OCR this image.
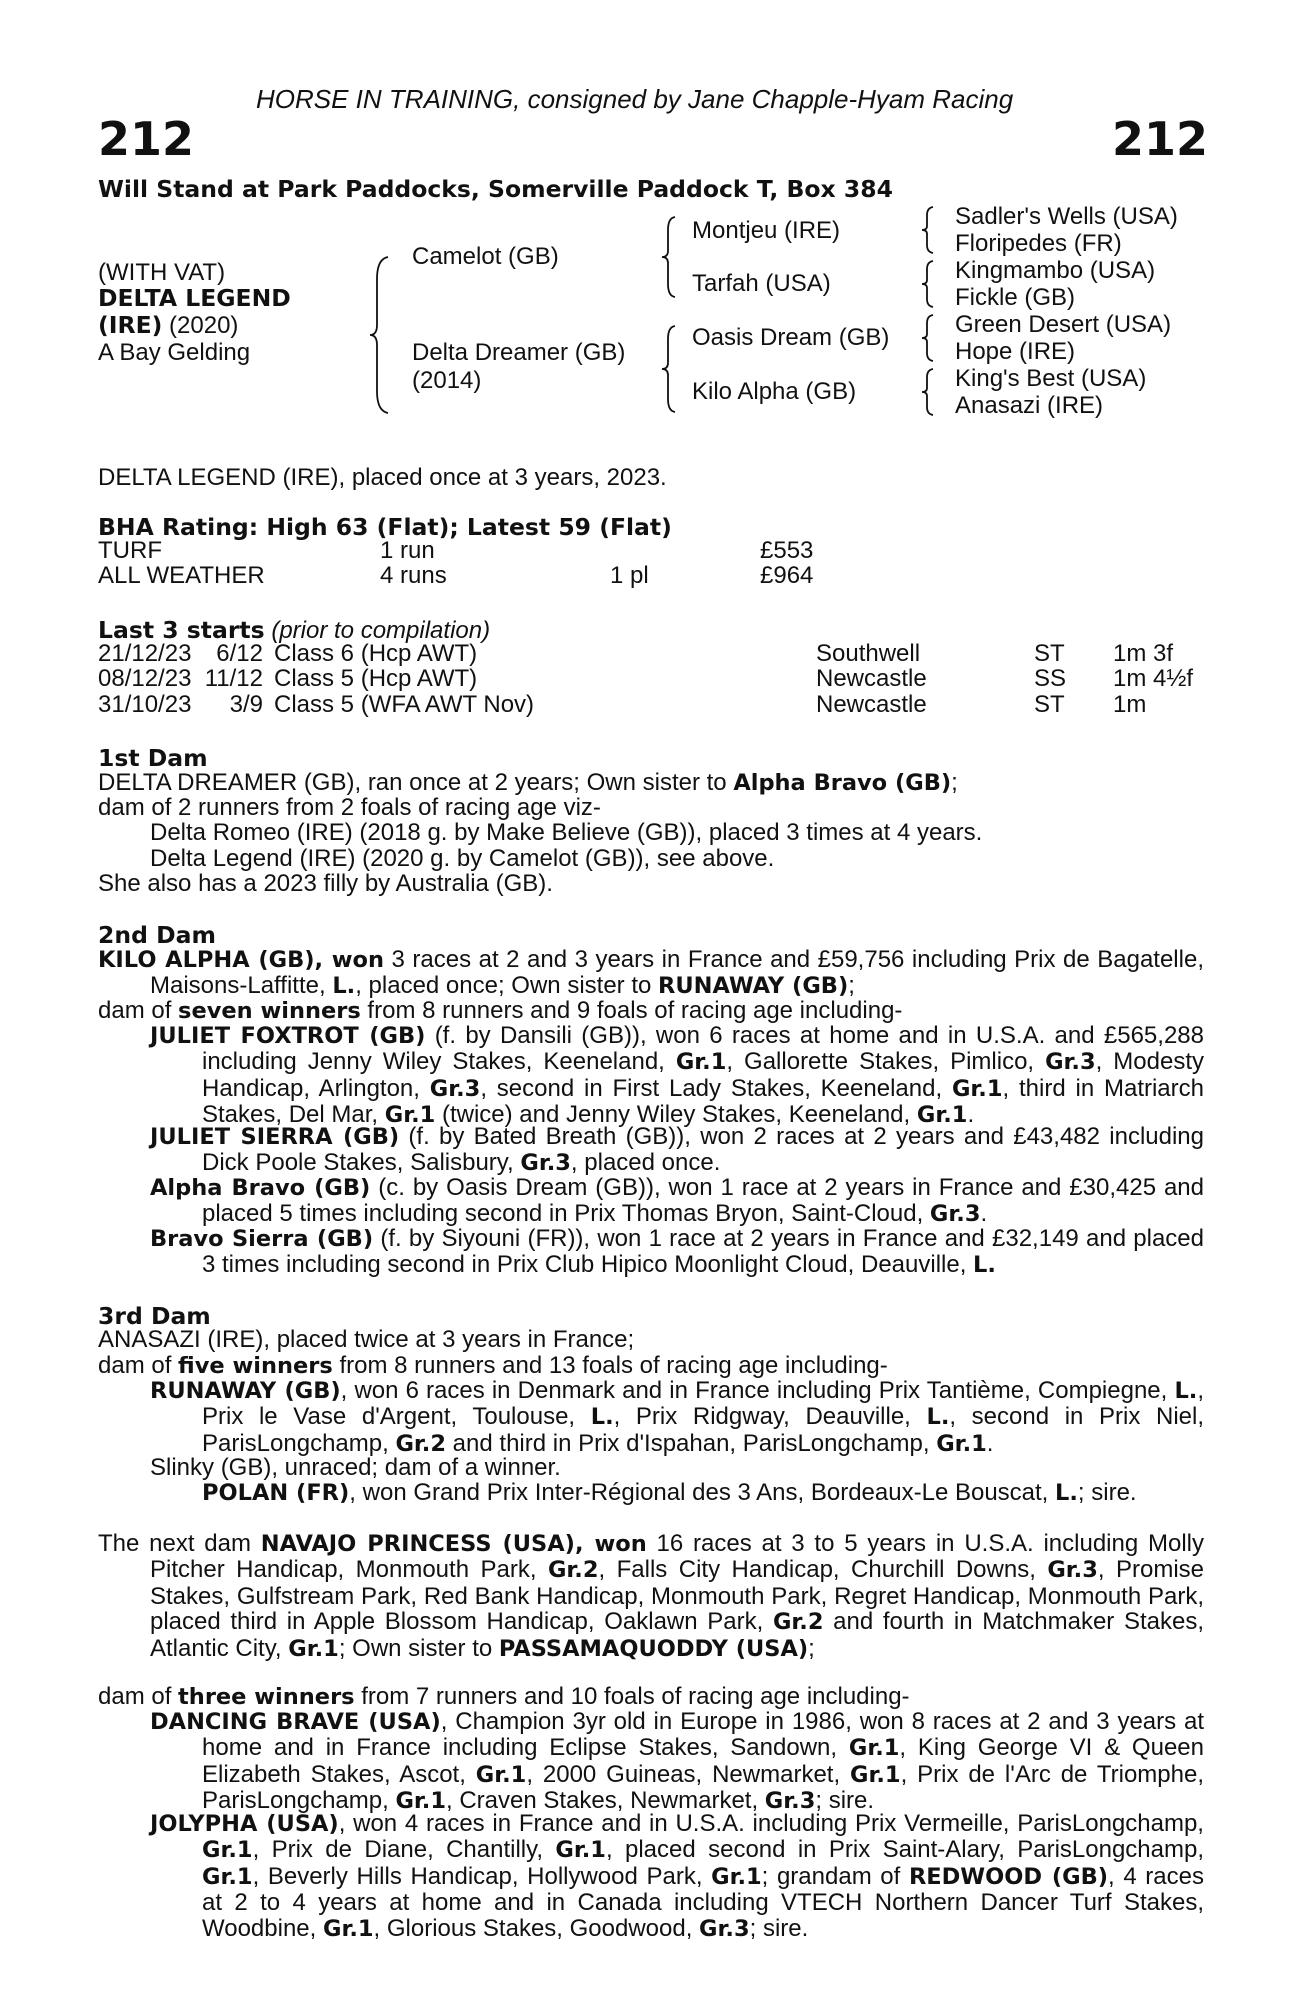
HORSE IN TRAINING, consigned by Jane Chapple-Hyam Racing
212	212
Will Stand at Park Paddocks, Somerville Paddock T, Box 384
(WITH VAT)
DELTA LEGEND
(IRE) (2020)
A Bay Gelding
Camelot (GB)
Delta Dreamer (GB)
(2014)
Montjeu (IRE)
Tarfah (USA)
Oasis Dream (GB)
Kilo Alpha (GB)
Sadler's Wells (USA)
Floripedes (FR)
Kingmambo (USA)
Fickle (GB)
Green Desert (USA)
Hope (IRE)
King's Best (USA)
Anasazi (IRE)
DELTA LEGEND (IRE), placed once at 3 years, 2023.
BHA Rating: High 63 (Flat); Latest 59 (Flat)
TURF	1 run		£553
ALL WEATHER	4 runs	1 pl	£964
Last 3 starts (prior to compilation)
21/12/23	6/12	Class 6 (Hcp AWT)	Southwell	ST	1m 3f
08/12/23	11/12	Class 5 (Hcp AWT)	Newcastle	SS	1m 4½f
31/10/23	3/9	Class 5 (WFA AWT Nov)	Newcastle	ST	1m
1st Dam
DELTA DREAMER (GB), ran once at 2 years; Own sister to Alpha Bravo (GB);
dam of 2 runners from 2 foals of racing age viz-
Delta Romeo (IRE) (2018 g. by Make Believe (GB)), placed 3 times at 4 years.
Delta Legend (IRE) (2020 g. by Camelot (GB)), see above.
She also has a 2023 filly by Australia (GB).
2nd Dam

KILO ALPHA (GB), won 3 races at 2 and 3 years in France and £59,756 including Prix de Bagatelle, Maisons-Laffitte, L., placed once; Own sister to RUNAWAY (GB);

dam of seven winners from 8 runners and 9 foals of racing age including-

JULIET FOXTROT (GB) (f. by Dansili (GB)), won 6 races at home and in U.S.A. and £565,288 including Jenny Wiley Stakes, Keeneland, Gr.1, Gallorette Stakes, Pimlico, Gr.3, Modesty Handicap, Arlington, Gr.3, second in First Lady Stakes, Keeneland, Gr.1, third in Matriarch Stakes, Del Mar, Gr.1 (twice) and Jenny Wiley Stakes, Keeneland, Gr.1.

JULIET SIERRA (GB) (f. by Bated Breath (GB)), won 2 races at 2 years and £43,482 including Dick Poole Stakes, Salisbury, Gr.3, placed once.

Alpha Bravo (GB) (c. by Oasis Dream (GB)), won 1 race at 2 years in France and £30,425 and placed 5 times including second in Prix Thomas Bryon, Saint-Cloud, Gr.3.

Bravo Sierra (GB) (f. by Siyouni (FR)), won 1 race at 2 years in France and £32,149 and placed 3 times including second in Prix Club Hipico Moonlight Cloud, Deauville, L.

3rd Dam
ANASAZI (IRE), placed twice at 3 years in France;
dam of five winners from 8 runners and 13 foals of racing age including-

RUNAWAY (GB), won 6 races in Denmark and in France including Prix Tantième, Compiegne, L., Prix le Vase d'Argent, Toulouse, L., Prix Ridgway, Deauville, L., second in Prix Niel, ParisLongchamp, Gr.2 and third in Prix d'Ispahan, ParisLongchamp, Gr.1.

Slinky (GB), unraced; dam of a winner.
POLAN (FR), won Grand Prix Inter-Régional des 3 Ans, Bordeaux-Le Bouscat, L.; sire.

The next dam NAVAJO PRINCESS (USA), won 16 races at 3 to 5 years in U.S.A. including Molly Pitcher Handicap, Monmouth Park, Gr.2, Falls City Handicap, Churchill Downs, Gr.3, Promise Stakes, Gulfstream Park, Red Bank Handicap, Monmouth Park, Regret Handicap, Monmouth Park, placed third in Apple Blossom Handicap, Oaklawn Park, Gr.2 and fourth in Matchmaker Stakes, Atlantic City, Gr.1; Own sister to PASSAMAQUODDY (USA);

dam of three winners from 7 runners and 10 foals of racing age including-

DANCING BRAVE (USA), Champion 3yr old in Europe in 1986, won 8 races at 2 and 3 years at home and in France including Eclipse Stakes, Sandown, Gr.1, King George VI & Queen Elizabeth Stakes, Ascot, Gr.1, 2000 Guineas, Newmarket, Gr.1, Prix de l'Arc de Triomphe, ParisLongchamp, Gr.1, Craven Stakes, Newmarket, Gr.3; sire.

JOLYPHA (USA), won 4 races in France and in U.S.A. including Prix Vermeille, ParisLongchamp, Gr.1, Prix de Diane, Chantilly, Gr.1, placed second in Prix Saint-Alary, ParisLongchamp, Gr.1, Beverly Hills Handicap, Hollywood Park, Gr.1; grandam of REDWOOD (GB), 4 races at 2 to 4 years at home and in Canada including VTECH Northern Dancer Turf Stakes, Woodbine, Gr.1, Glorious Stakes, Goodwood, Gr.3; sire.
